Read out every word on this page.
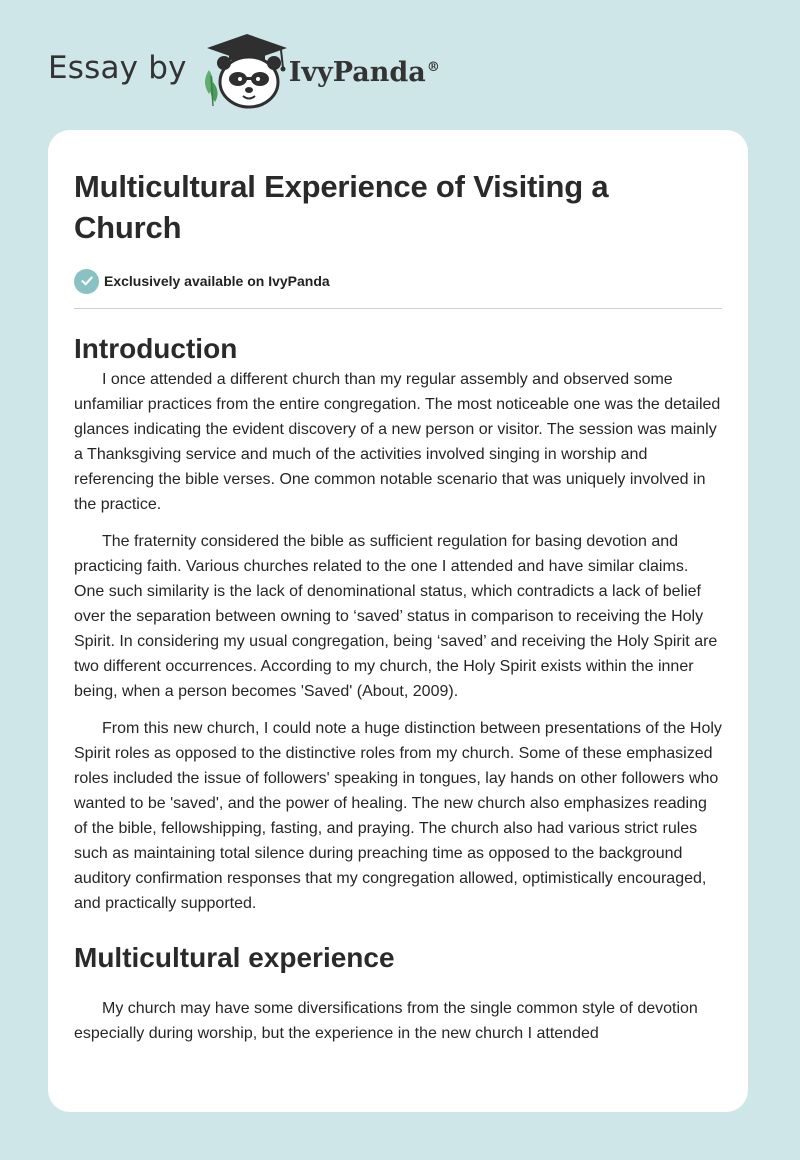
Essay by	IvyPanda®
Multicultural Experience of Visiting a Church
Exclusively available on IvyPanda
Introduction

I once attended a different church than my regular assembly and observed some unfamiliar practices from the entire congregation. The most noticeable one was the detailed glances indicating the evident discovery of a new person or visitor. The session was mainly a Thanksgiving service and much of the activities involved singing in worship and referencing the bible verses. One common notable scenario that was uniquely involved in the practice.

The fraternity considered the bible as sufficient regulation for basing devotion and practicing faith. Various churches related to the one I attended and have similar claims. One such similarity is the lack of denominational status, which contradicts a lack of belief over the separation between owning to ‘saved’ status in comparison to receiving the Holy Spirit. In considering my usual congregation, being ‘saved’ and receiving the Holy Spirit are two different occurrences. According to my church, the Holy Spirit exists within the inner being, when a person becomes 'Saved' (About, 2009).

From this new church, I could note a huge distinction between presentations of the Holy Spirit roles as opposed to the distinctive roles from my church. Some of these emphasized roles included the issue of followers' speaking in tongues, lay hands on other followers who wanted to be 'saved', and the power of healing. The new church also emphasizes reading of the bible, fellowshipping, fasting, and praying. The church also had various strict rules such as maintaining total silence during preaching time as opposed to the background auditory confirmation responses that my congregation allowed, optimistically encouraged, and practically supported.

Multicultural experience

My church may have some diversifications from the single common style of devotion especially during worship, but the experience in the new church I attended
